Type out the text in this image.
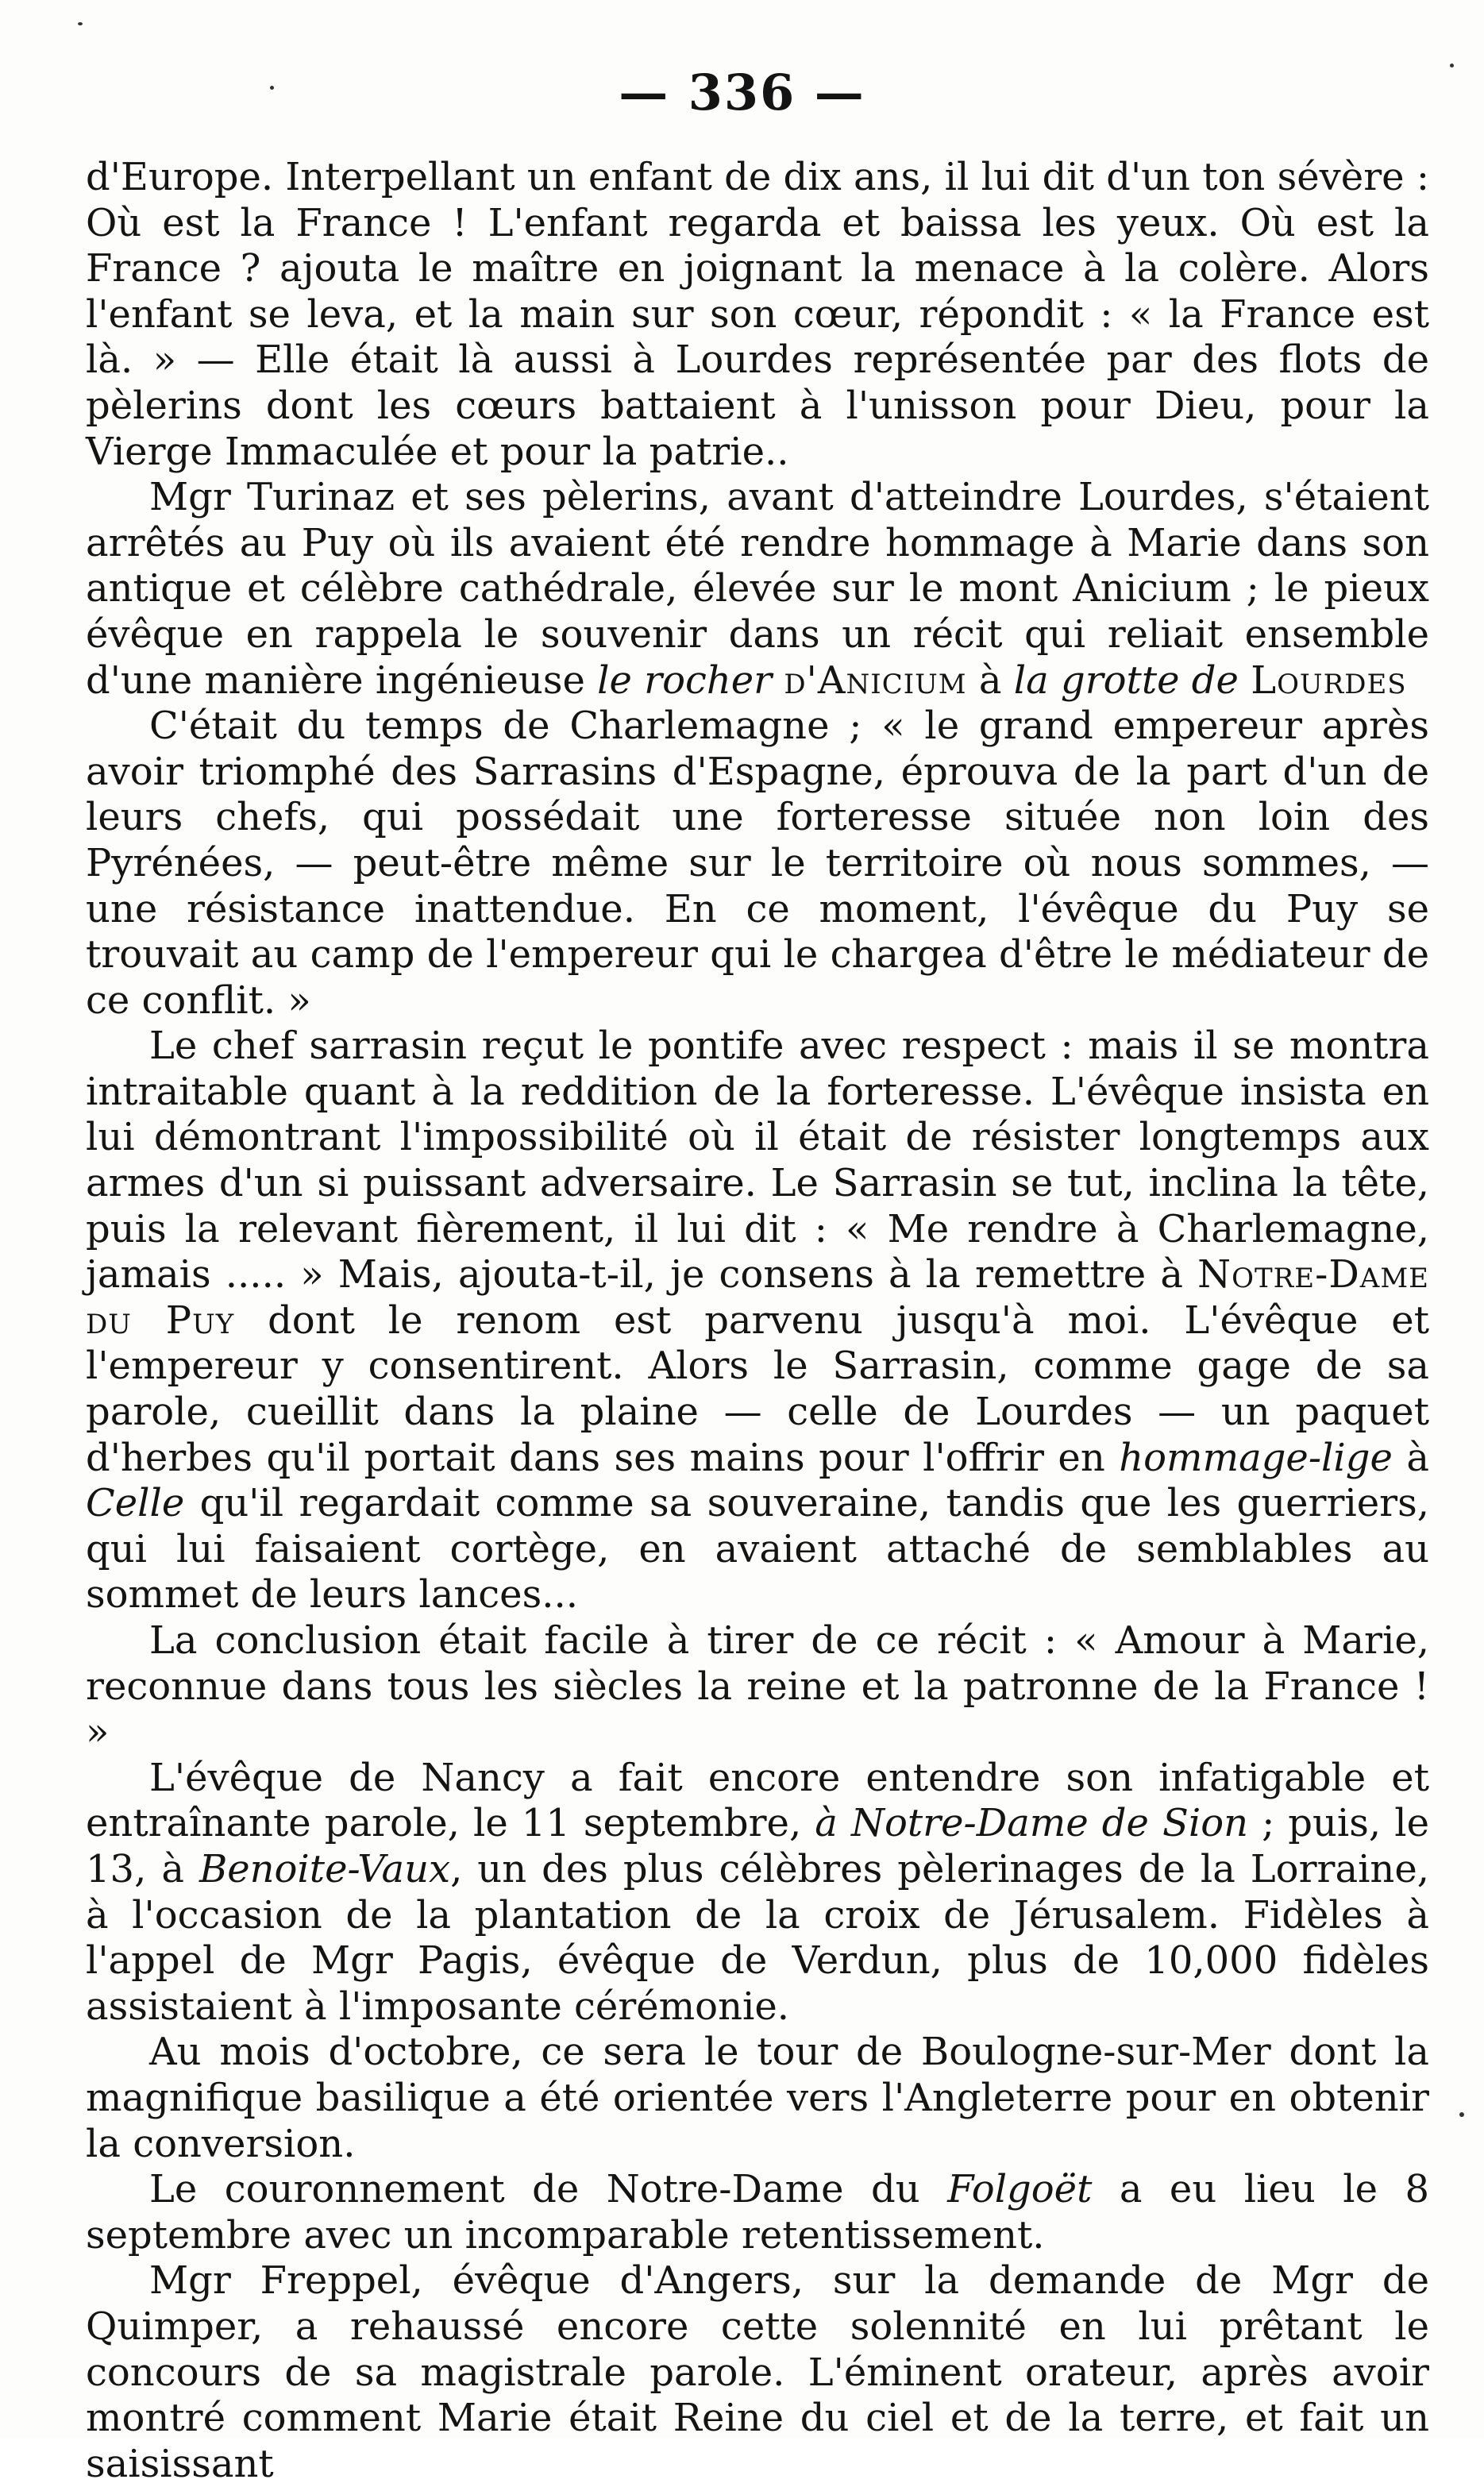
— 336 —

d'Europe. Interpellant un enfant de dix ans, il lui dit d'un ton sévère : Où est la France ! L'enfant regarda et baissa les yeux. Où est la France ? ajouta le maître en joignant la menace à la colère. Alors l'enfant se leva, et la main sur son cœur, répondit : « la France est là. » — Elle était là aussi à Lourdes représentée par des flots de pèlerins dont les cœurs battaient à l'unisson pour Dieu, pour la Vierge Immaculée et pour la patrie..

Mgr Turinaz et ses pèlerins, avant d'atteindre Lourdes, s'étaient arrêtés au Puy où ils avaient été rendre hommage à Marie dans son antique et célèbre cathédrale, élevée sur le mont Anicium ; le pieux évêque en rappela le souvenir dans un récit qui reliait ensemble d'une manière ingénieuse le rocher d'Anicium à la grotte de Lourdes

C'était du temps de Charlemagne ; « le grand empereur après avoir triomphé des Sarrasins d'Espagne, éprouva de la part d'un de leurs chefs, qui possédait une forteresse située non loin des Pyrénées, — peut-être même sur le territoire où nous sommes, — une résistance inattendue. En ce moment, l'évêque du Puy se trouvait au camp de l'empereur qui le chargea d'être le médiateur de ce conflit. »

Le chef sarrasin reçut le pontife avec respect : mais il se montra intraitable quant à la reddition de la forteresse. L'évêque insista en lui démontrant l'impossibilité où il était de résister longtemps aux armes d'un si puissant adversaire. Le Sarrasin se tut, inclina la tête, puis la relevant fièrement, il lui dit : « Me rendre à Charlemagne, jamais ..... » Mais, ajouta-t-il, je consens à la remettre à Notre-Dame du Puy dont le renom est parvenu jusqu'à moi. L'évêque et l'empereur y consentirent. Alors le Sarrasin, comme gage de sa parole, cueillit dans la plaine — celle de Lourdes — un paquet d'herbes qu'il portait dans ses mains pour l'offrir en hommage-lige à Celle qu'il regardait comme sa souveraine, tandis que les guerriers, qui lui faisaient cortège, en avaient attaché de semblables au sommet de leurs lances...

La conclusion était facile à tirer de ce récit : « Amour à Marie, reconnue dans tous les siècles la reine et la patronne de la France ! »

L'évêque de Nancy a fait encore entendre son infatigable et entraînante parole, le 11 septembre, à Notre-Dame de Sion ; puis, le 13, à Benoite-Vaux, un des plus célèbres pèlerinages de la Lorraine, à l'occasion de la plantation de la croix de Jérusalem. Fidèles à l'appel de Mgr Pagis, évêque de Verdun, plus de 10,000 fidèles assistaient à l'imposante cérémonie.

Au mois d'octobre, ce sera le tour de Boulogne-sur-Mer dont la magnifique basilique a été orientée vers l'Angleterre pour en obtenir la conversion.

Le couronnement de Notre-Dame du Folgoët a eu lieu le 8 septembre avec un incomparable retentissement.

Mgr Freppel, évêque d'Angers, sur la demande de Mgr de Quimper, a rehaussé encore cette solennité en lui prêtant le concours de sa magistrale parole. L'éminent orateur, après avoir montré comment Marie était Reine du ciel et de la terre, et fait un saisissant
